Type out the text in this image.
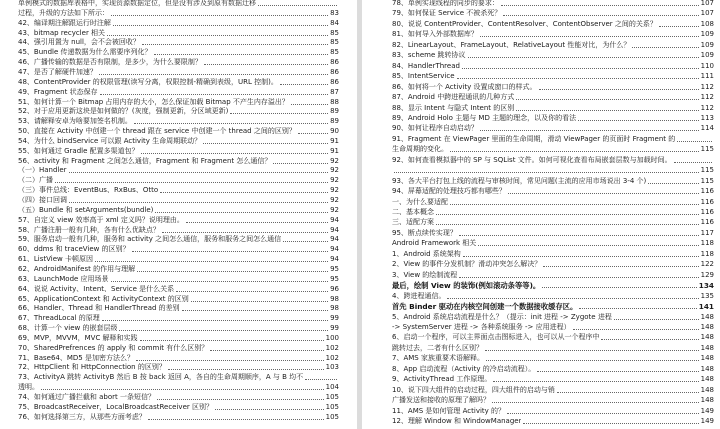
单例模式的数据库表格中，实现资源数据定位，但是没有涉及到原有数据迁移
过程，升级的方法如下所示：	83
42、编译期注解跟运行时注解	84
43、bitmap recycler 相关	85
44、强引用置为 null，会不会被回收？	85
45、Bundle 传递数据为什么需要序列化？	85
46、广播传输的数据是否有限制，是多少，为什么要限制？	86
47、是否了解硬件加速？	86
48、ContentProvider 的权限管理(读写分离，权限控制-精确到表级，URL 控制)。	86
49、Fragment 状态保存	87
51、如何计算一个 Bitmap 占用内存的大小，怎么保证加载 Bitmap 不产生内存溢出？	88
52、对于应用更新这块是如何做的？(灰度，强制更新，分区域更新)	89
53、请解释安卓为啥要加签名机制。	89
50、直接在 Activity 中创建一个 thread 跟在 service 中创建一个 thread 之间的区别？	90
54、为什么 bindService 可以跟 Activity 生命周期联动？	91
55、如何通过 Gradle 配置多渠道包？	91
56、activity 和 Fragment 之间怎么通信，Fragment 和 Fragment 怎么通信？	92
（一）Handler	92
（二）广播	92
（三）事件总线：EventBus、RxBus、Otto	92
（四）接口回调	92
（五）Bundle 和 setArguments(bundle)	92
57、自定义 view 效率高于 xml 定义吗？说明理由。	94
58、广播注册一般有几种，各有什么优缺点？	94
59、服务启动一般有几种，服务和 activity 之间怎么通信，服务和服务之间怎么通信	94
60、ddms 和 traceView 的区别？	94
61、ListView 卡顿原因	94
62、AndroidManifest 的作用与理解	95
63、LaunchMode 应用场景	95
64、说说 Activity、Intent、Service 是什么关系	96
65、ApplicationContext 和 ActivityContext 的区别	98
66、Handler、Thread 和 HandlerThread 的差别	98
67、ThreadLocal 的原理	99
68、计算一个 view 的嵌套层级	99
69、MVP，MVVM，MVC 解释和实践	100
70、SharedPrefrences 的 apply 和 commit 有什么区别？	102
71、Base64、MD5 是加密方法么？	102
72、HttpClient 和 HttpConnection 的区别？	103
73、ActivityA 跳转 ActivityB 然后 B 按 back 返回 A，各自的生命周期顺序，A 与 B 均不
透明。	104
74、如何通过广播拦截和 abort 一条短信？	105
75、BroadcastReceiver，LocalBroadcastReceiver 区别？	105
76、如何选择第三方，从那些方面考虑？	105
78、单例实现线程的同步的要求：	107
79、如何保证 Service 不被杀死？	107
80、说说 ContentProvider、ContentResolver、ContentObserver 之间的关系？	108
81、如何导入外部数据库？	109
82、LinearLayout、FrameLayout、RelativeLayout 性能对比，为什么？	109
83、scheme 跳转协议	109
84、HandlerThread	110
85、IntentService	111
86、如何将一个 Activity 设置成窗口的样式。	112
87、Android 中跨进程通讯的几种方式	112
88、显示 Intent 与隐式 Intent 的区别	112
89、Android Holo 主题与 MD 主题的理念，以及你的看法	113
90、如何让程序自动启动？	114
91、Fragment 在 ViewPager 里面的生命周期，滑动 ViewPager 的页面时 Fragment 的
生命周期的变化。	115
92、如何查看模拟器中的 SP 与 SQList 文件。如何可视化查看布局嵌套层数与加载时间。
115
93、各大平台打包上线的流程与审核时间，常见问题(主流的应用市场说出 3-4 个)	115
94、屏幕适配的处理技巧都有哪些？	116
一、为什么要适配	116
二、基本概念	116
三、适配方案	116
95、断点续传实现？	117
Android Framework 相关	118
1、Android 系统架构	118
2、View 的事件分发机制？滑动冲突怎么解决？	122
3、View 的绘制流程	129
最后，绘制 View 的装饰(例如滚动条等等)。	134
4、跨进程通信。	135
首先 Binder 驱动在内核空间创建一个数据接收缓存区。	141
5、Android 系统启动流程是什么？（提示：init 进程 -> Zygote 进程	148
-> SystemServer 进程 -> 各种系统服务 -> 应用进程）	148
6、启动一个程序，可以主界面点击图标进入，也可以从一个程序中	148
跳转过去，二者有什么区别？	148
7、AMS 家族重要术语解释。	148
8、App 启动流程（Activity 的冷启动流程）。	148
9、ActivityThread 工作原理。	148
10、说下四大组件的启动过程，四大组件的启动与销	148
广播发送和接收的原理了解吗？	148
11、AMS 是如何管理 Activity 的？	149
12、理解 Window 和 WindowManager	149
